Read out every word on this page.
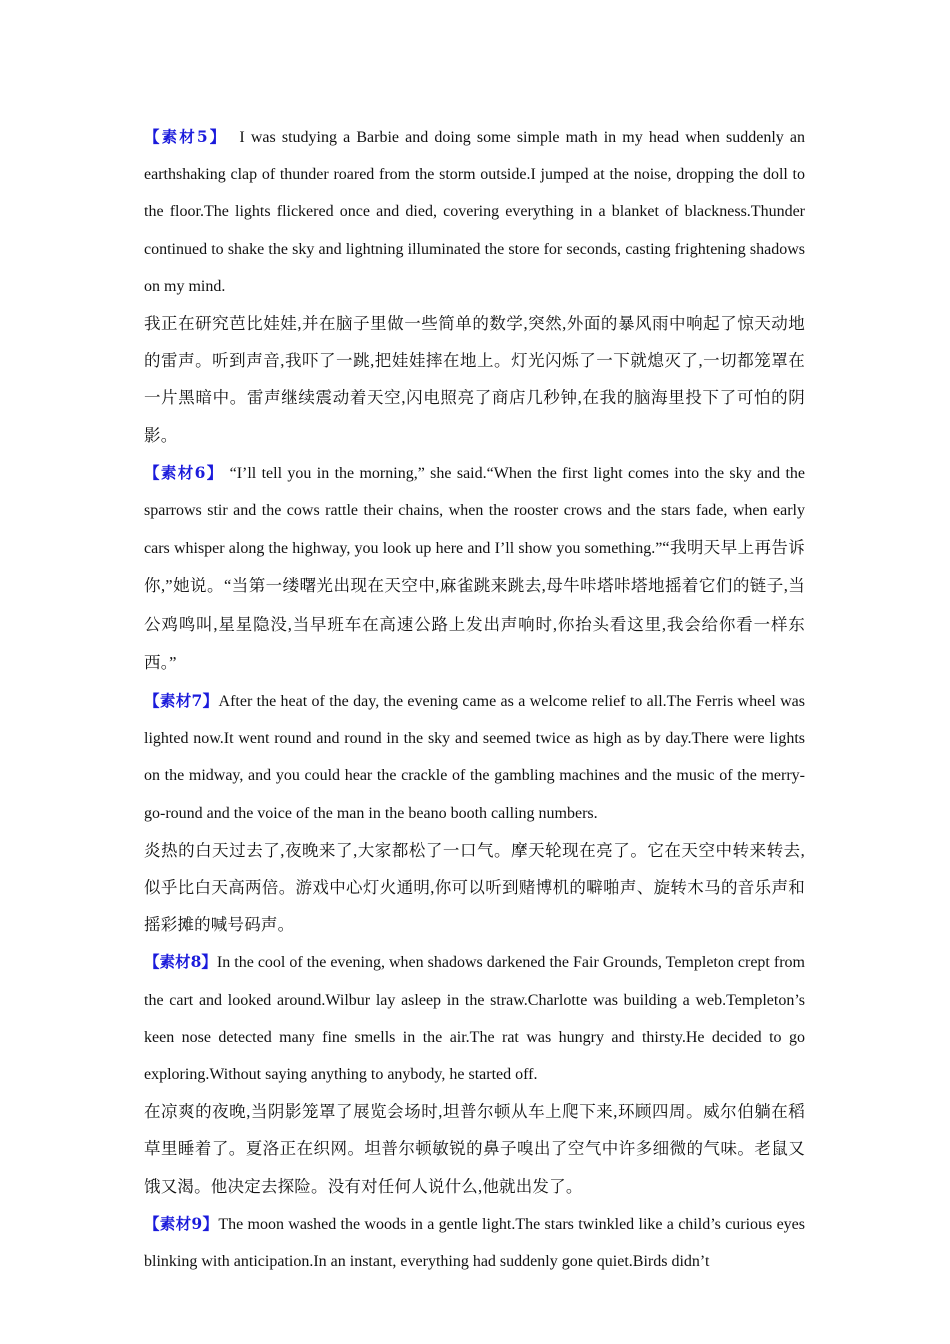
【素材5】 I was studying a Barbie and doing some simple math in my head when suddenly an earthshaking clap of thunder roared from the storm outside.I jumped at the noise, dropping the doll to the floor.The lights flickered once and died, covering everything in a blanket of blackness.Thunder continued to shake the sky and lightning illuminated the store for seconds, casting frightening shadows on my mind.

我正在研究芭比娃娃,并在脑子里做一些简单的数学,突然,外面的暴风雨中响起了惊天动地的雷声。听到声音,我吓了一跳,把娃娃摔在地上。灯光闪烁了一下就熄灭了,一切都笼罩在一片黑暗中。雷声继续震动着天空,闪电照亮了商店几秒钟,在我的脑海里投下了可怕的阴影。

【素材6】 “I’ll tell you in the morning,” she said.“When the first light comes into the sky and the sparrows stir and the cows rattle their chains, when the rooster crows and the stars fade, when early cars whisper along the highway, you look up here and I’ll show you something.”“我明天早上再告诉你,”她说。“当第一缕曙光出现在天空中,麻雀跳来跳去,母牛咔塔咔塔地摇着它们的链子,当公鸡鸣叫,星星隐没,当早班车在高速公路上发出声响时,你抬头看这里,我会给你看一样东西。”

【素材7】After the heat of the day, the evening came as a welcome relief to all.The Ferris wheel was lighted now.It went round and round in the sky and seemed twice as high as by day.There were lights on the midway, and you could hear the crackle of the gambling machines and the music of the merry-go-round and the voice of the man in the beano booth calling numbers.

炎热的白天过去了,夜晚来了,大家都松了一口气。摩天轮现在亮了。它在天空中转来转去,似乎比白天高两倍。游戏中心灯火通明,你可以听到赌博机的噼啪声、旋转木马的音乐声和摇彩摊的喊号码声。

【素材8】In the cool of the evening, when shadows darkened the Fair Grounds, Templeton crept from the cart and looked around.Wilbur lay asleep in the straw.Charlotte was building a web.Templeton’s keen nose detected many fine smells in the air.The rat was hungry and thirsty.He decided to go exploring.Without saying anything to anybody, he started off.

在凉爽的夜晚,当阴影笼罩了展览会场时,坦普尔顿从车上爬下来,环顾四周。威尔伯躺在稻草里睡着了。夏洛正在织网。坦普尔顿敏锐的鼻子嗅出了空气中许多细微的气味。老鼠又饿又渴。他决定去探险。没有对任何人说什么,他就出发了。

【素材9】The moon washed the woods in a gentle light.The stars twinkled like a child’s curious eyes blinking with anticipation.In an instant, everything had suddenly gone quiet.Birds didn’t
